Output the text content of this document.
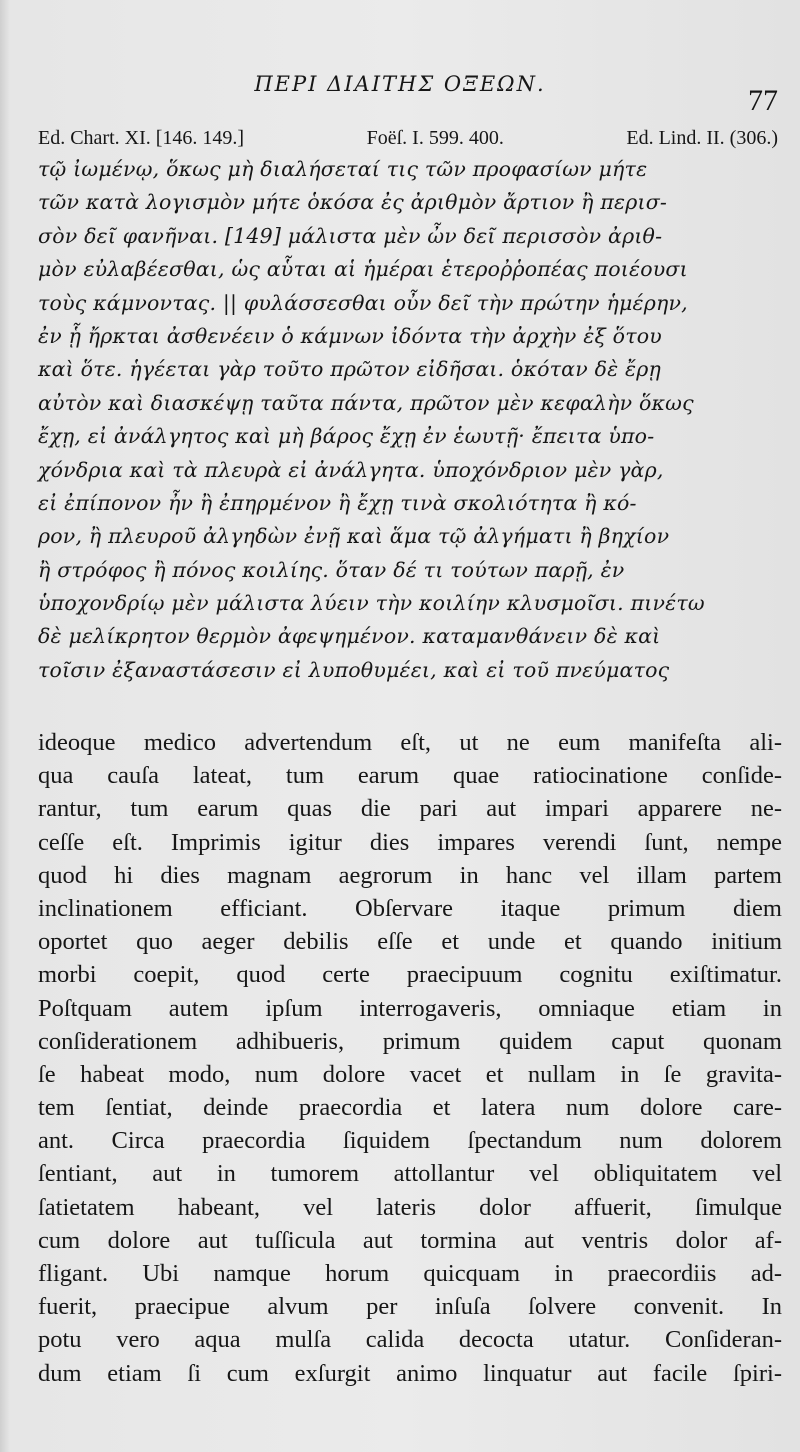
ΠΕΡΙ ΔΙΑΙΤΗΣ ΟΞΕΩΝ.	77
Ed. Chart. XI. [146. 149.]	Foëſ. I. 599. 400.	Ed. Lind. II. (306.)
τῷ ἰωμένῳ, ὅκως μὴ διαλήσεταί τις τῶν προφασίων μήτε
τῶν κατὰ λογισμὸν μήτε ὁκόσα ἐς ἀριθμὸν ἄρτιον ἢ περισ-
σὸν δεῖ φανῆναι. [149] μάλιστα μὲν ὦν δεῖ περισσὸν ἀριθ-
μὸν εὐλαβέεσθαι, ὡς αὗται αἱ ἡμέραι ἑτεροῤῥοπέας ποιέουσι
τοὺς κάμνοντας. || φυλάσσεσθαι οὖν δεῖ τὴν πρώτην ἡμέρην,
ἐν ᾗ ἤρκται ἀσθενέειν ὁ κάμνων ἰδόντα τὴν ἀρχὴν ἐξ ὅτου
καὶ ὅτε. ἡγέεται γὰρ τοῦτο πρῶτον εἰδῆσαι. ὁκόταν δὲ ἔρῃ
αὐτὸν καὶ διασκέψῃ ταῦτα πάντα, πρῶτον μὲν κεφαλὴν ὅκως
ἔχῃ, εἰ ἀνάλγητος καὶ μὴ βάρος ἔχῃ ἐν ἑωυτῇ· ἔπειτα ὑπο-
χόνδρια καὶ τὰ πλευρὰ εἰ ἀνάλγητα. ὑποχόνδριον μὲν γὰρ,
εἰ ἐπίπονον ἦν ἢ ἐπηρμένον ἢ ἔχῃ τινὰ σκολιότητα ἢ κό-
ρον, ἢ πλευροῦ ἀλγηδὼν ἐνῇ καὶ ἅμα τῷ ἀλγήματι ἢ βηχίον
ἢ στρόφος ἢ πόνος κοιλίης. ὅταν δέ τι τούτων παρῇ, ἐν
ὑποχονδρίῳ μὲν μάλιστα λύειν τὴν κοιλίην κλυσμοῖσι. πινέτω
δὲ μελίκρητον θερμὸν ἀφεψημένον. καταμανθάνειν δὲ καὶ
τοῖσιν ἐξαναστάσεσιν εἰ λυποθυμέει, καὶ εἰ τοῦ πνεύματος
ideoque medico advertendum eſt, ut ne eum manifeſta ali-
qua cauſa lateat, tum earum quae ratiocinatione conſide-
rantur, tum earum quas die pari aut impari apparere ne-
ceſſe eſt. Imprimis igitur dies impares verendi ſunt, nempe
quod hi dies magnam aegrorum in hanc vel illam partem
inclinationem efficiant. Obſervare itaque primum diem
oportet quo aeger debilis eſſe et unde et quando initium
morbi coepit, quod certe praecipuum cognitu exiſtimatur.
Poſtquam autem ipſum interrogaveris, omniaque etiam in
conſiderationem adhibueris, primum quidem caput quonam
ſe habeat modo, num dolore vacet et nullam in ſe gravita-
tem ſentiat, deinde praecordia et latera num dolore care-
ant. Circa praecordia ſiquidem ſpectandum num dolorem
ſentiant, aut in tumorem attollantur vel obliquitatem vel
ſatietatem habeant, vel lateris dolor affuerit, ſimulque
cum dolore aut tuſſicula aut tormina aut ventris dolor af-
fligant. Ubi namque horum quicquam in praecordiis ad-
fuerit, praecipue alvum per inſuſa ſolvere convenit. In
potu vero aqua mulſa calida decocta utatur. Conſideran-
dum etiam ſi cum exſurgit animo linquatur aut facile ſpiri-
